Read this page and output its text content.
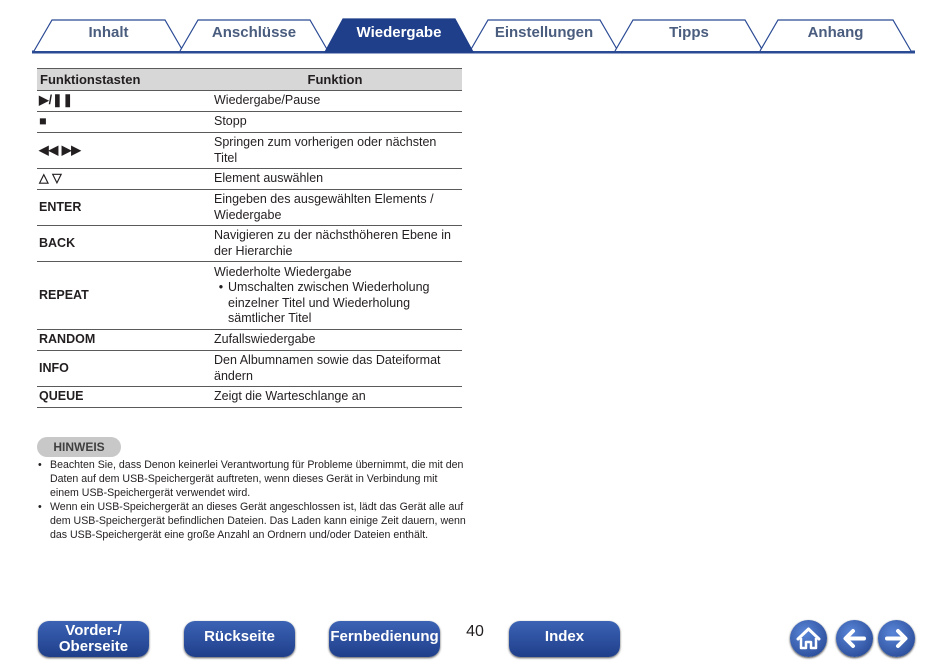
Inhalt	Anschlüsse	Wiedergabe	Einstellungen	Tipps	Anhang
Funktionstasten	Funktion
▶/❚❚	Wiedergabe/Pause
■	Stopp
◀◀ ▶▶	Springen zum vorherigen oder nächsten Titel
△ ▽	Element auswählen
ENTER	Eingeben des ausgewählten Elements / Wiedergabe
BACK	Navigieren zu der nächsthöheren Ebene in der Hierarchie
REPEAT	Wiederholte Wiedergabe
• Umschalten zwischen Wiederholung einzelner Titel und Wiederholung sämtlicher Titel

RANDOM	Zufallswiedergabe
INFO	Den Albumnamen sowie das Dateiformat ändern
QUEUE	Zeigt die Warteschlange an
HINWEIS
• Beachten Sie, dass Denon keinerlei Verantwortung für Probleme übernimmt, die mit den Daten auf dem USB-Speichergerät auftreten, wenn dieses Gerät in Verbindung mit einem USB-Speichergerät verwendet wird.
• Wenn ein USB-Speichergerät an dieses Gerät angeschlossen ist, lädt das Gerät alle auf dem USB-Speichergerät befindlichen Dateien. Das Laden kann einige Zeit dauern, wenn das USB-Speichergerät eine große Anzahl an Ordnern und/oder Dateien enthält.
Vorder-/
Oberseite
Rückseite	Fernbedienung	40	Index
